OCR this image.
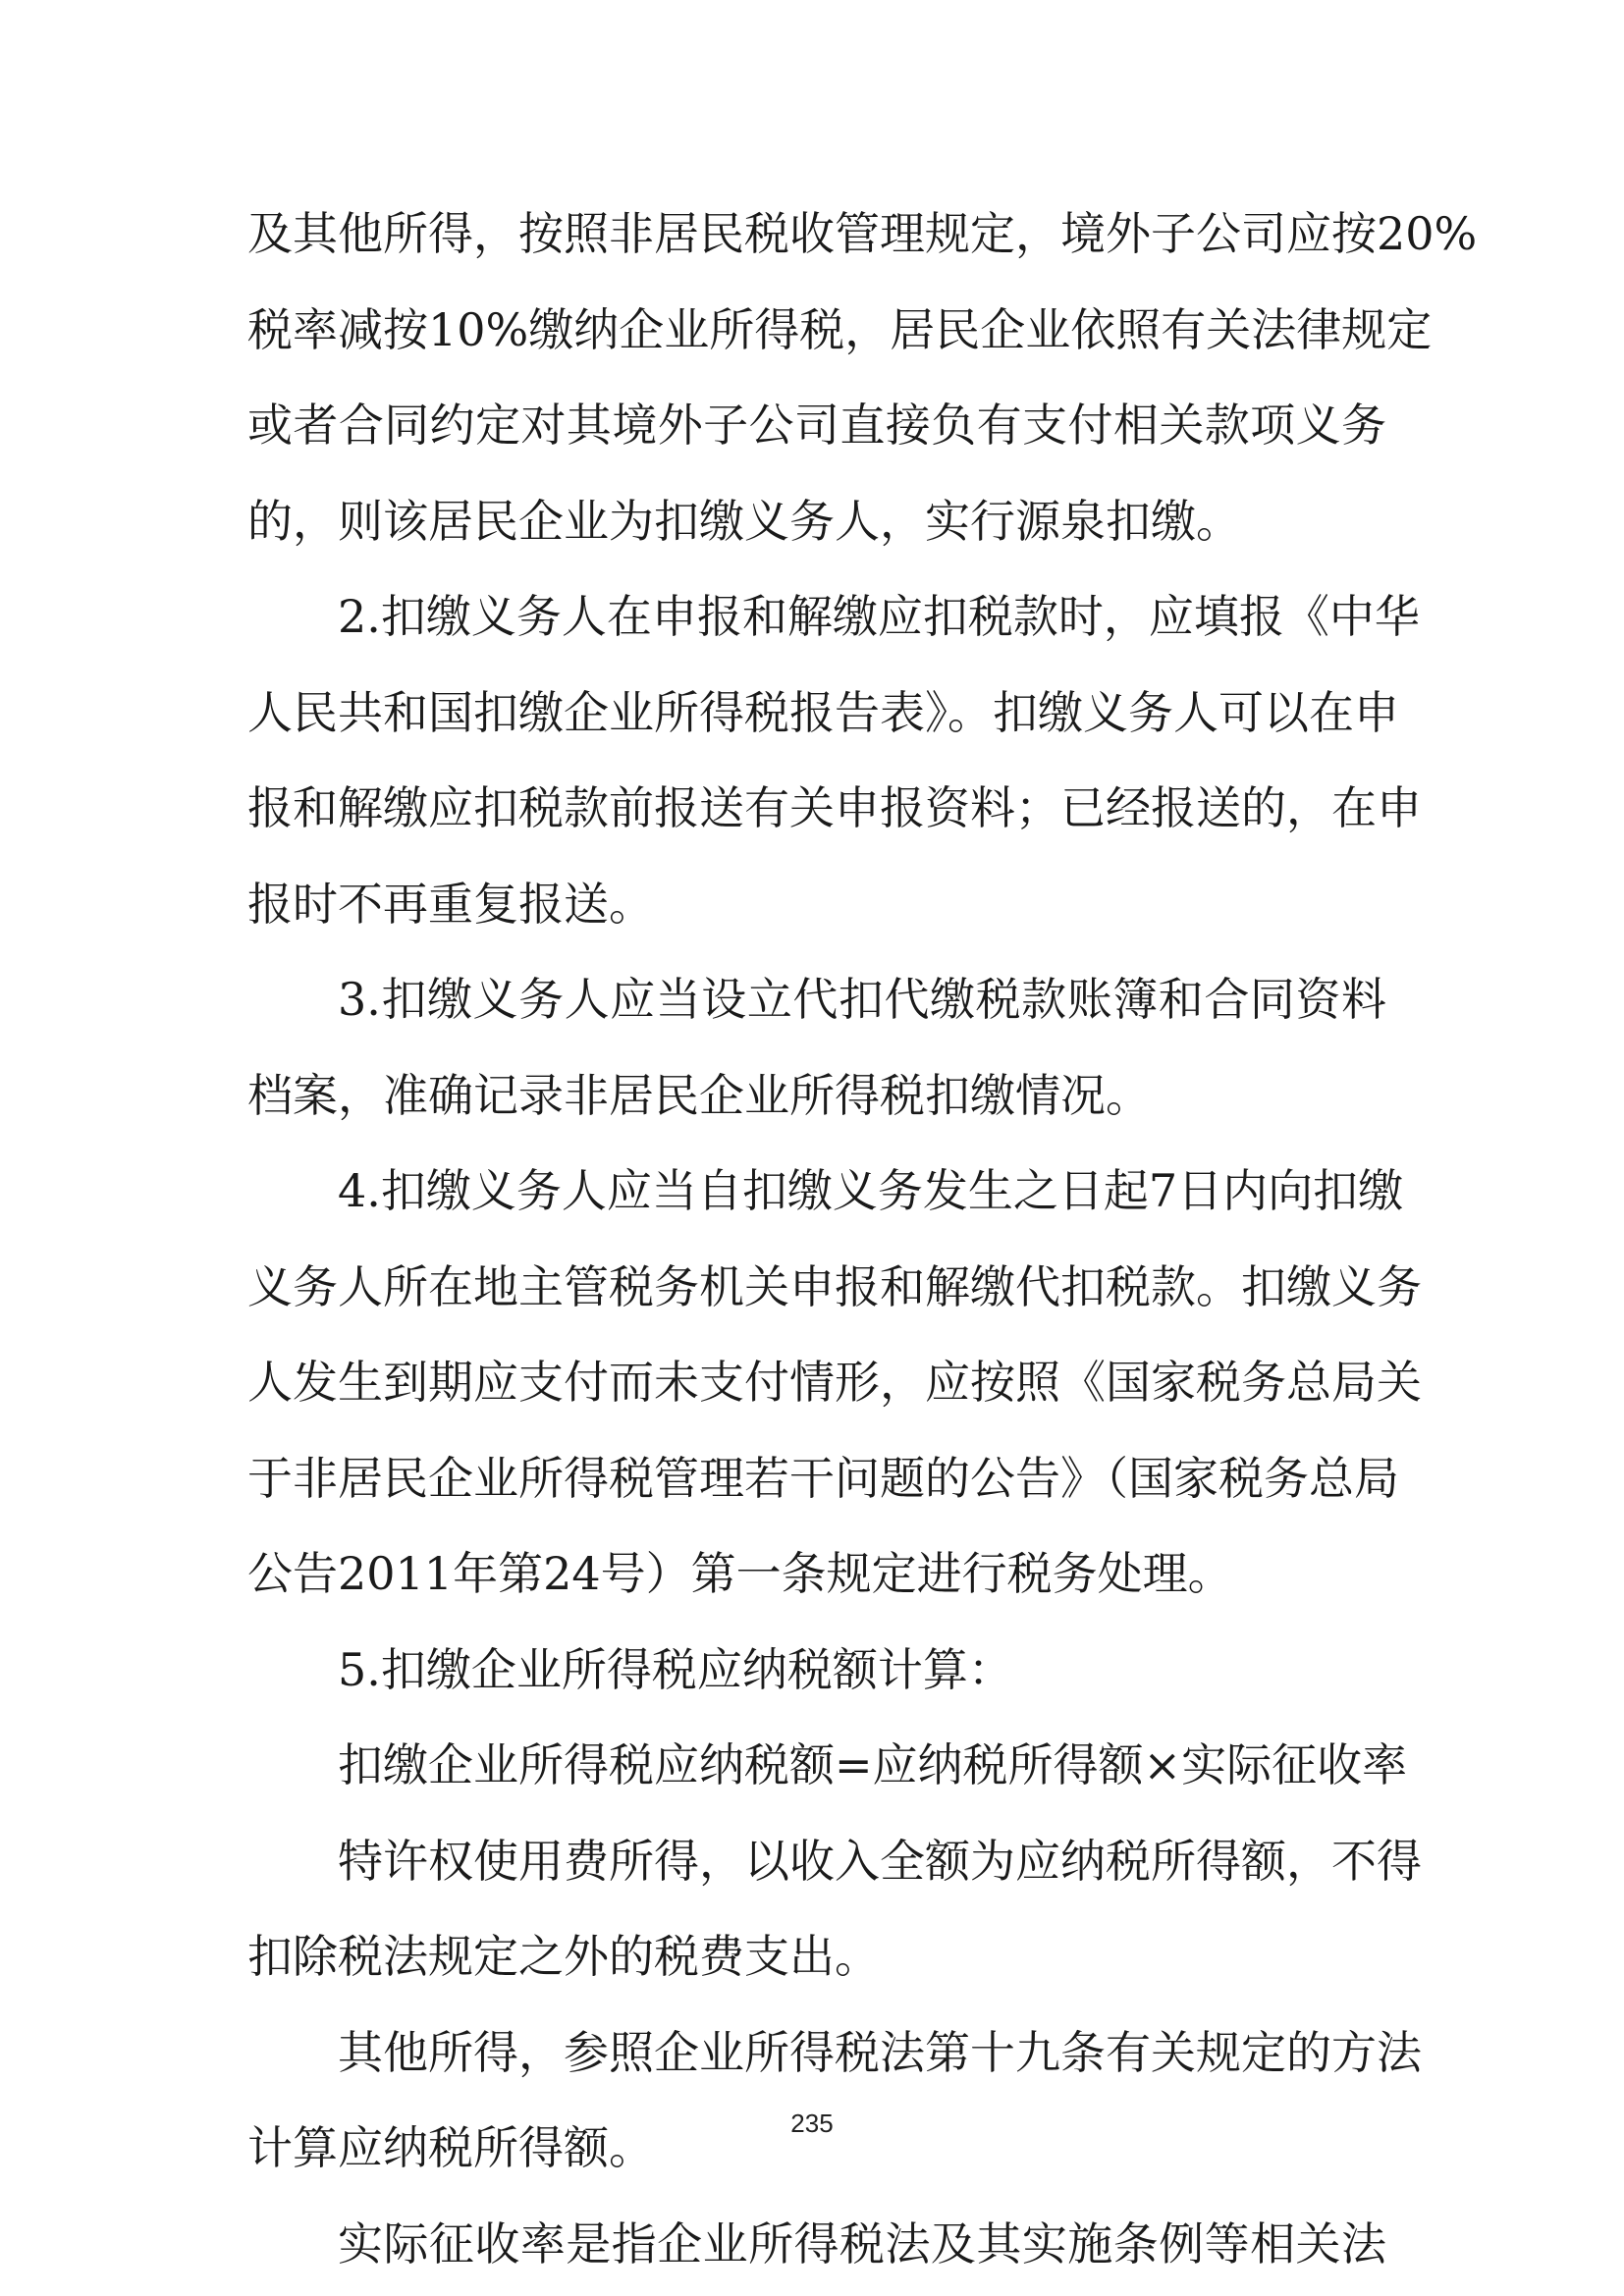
及其他所得，按照非居民税收管理规定，境外子公司应按20%
税率减按10%缴纳企业所得税，居民企业依照有关法律规定
或者合同约定对其境外子公司直接负有支付相关款项义务
的，则该居民企业为扣缴义务人，实行源泉扣缴。
2.扣缴义务人在申报和解缴应扣税款时，应填报《中华
人民共和国扣缴企业所得税报告表》。扣缴义务人可以在申
报和解缴应扣税款前报送有关申报资料；已经报送的，在申
报时不再重复报送。
3.扣缴义务人应当设立代扣代缴税款账簿和合同资料
档案，准确记录非居民企业所得税扣缴情况。
4.扣缴义务人应当自扣缴义务发生之日起7日内向扣缴
义务人所在地主管税务机关申报和解缴代扣税款。扣缴义务
人发生到期应支付而未支付情形，应按照《国家税务总局关
于非居民企业所得税管理若干问题的公告》（国家税务总局
公告2011年第24号）第一条规定进行税务处理。
5.扣缴企业所得税应纳税额计算：
扣缴企业所得税应纳税额=应纳税所得额×实际征收率
特许权使用费所得，以收入全额为应纳税所得额，不得
扣除税法规定之外的税费支出。
其他所得，参照企业所得税法第十九条有关规定的方法
计算应纳税所得额。
实际征收率是指企业所得税法及其实施条例等相关法
235
